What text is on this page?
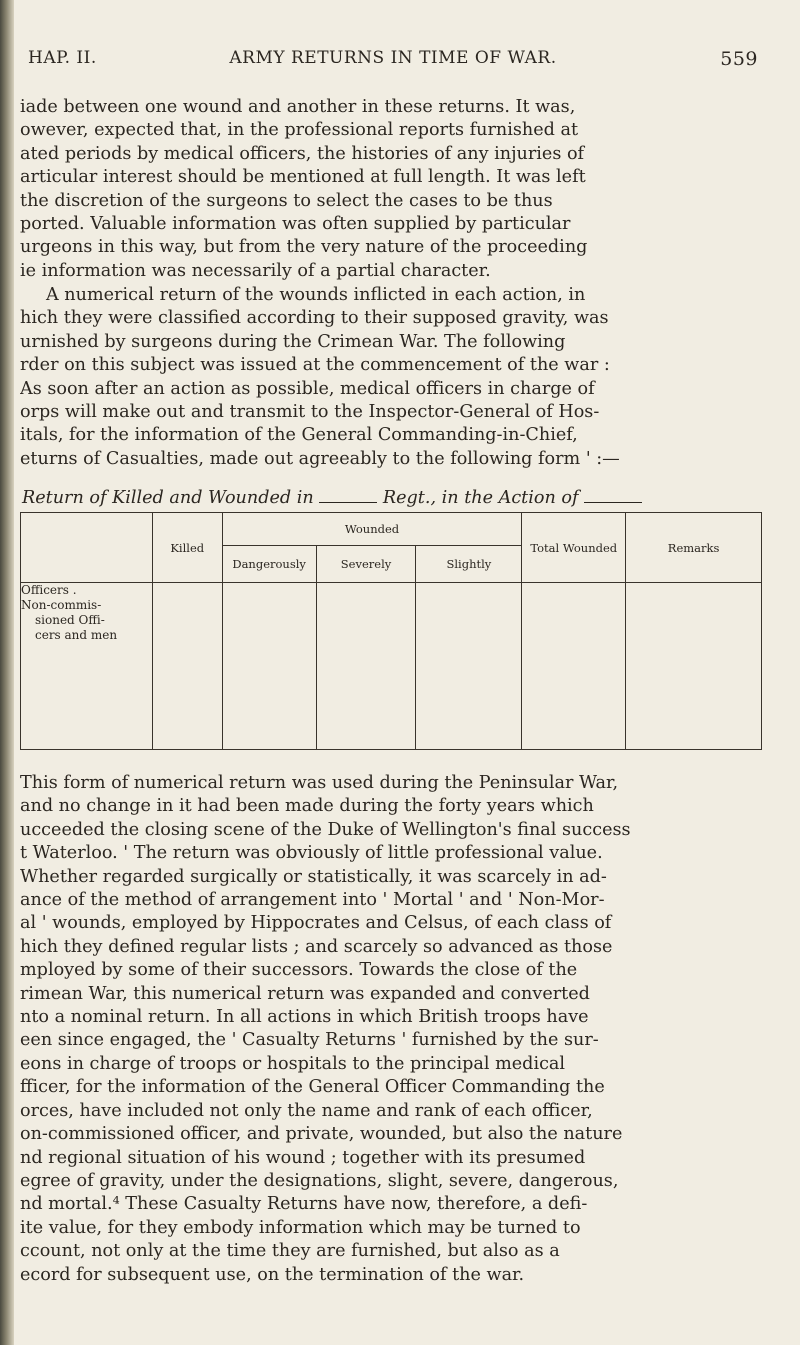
HAP. II.	ARMY RETURNS IN TIME OF WAR.	559
iade between one wound and another in these returns. It was,
owever, expected that, in the professional reports furnished at
ated periods by medical officers, the histories of any injuries of
articular interest should be mentioned at full length. It was left
the discretion of the surgeons to select the cases to be thus
ported. Valuable information was often supplied by particular
urgeons in this way, but from the very nature of the proceeding
ie information was necessarily of a partial character.
A numerical return of the wounds inflicted in each action, in
hich they were classified according to their supposed gravity, was
urnished by surgeons during the Crimean War. The following
rder on this subject was issued at the commencement of the war :
As soon after an action as possible, medical officers in charge of
orps will make out and transmit to the Inspector-General of Hos-
itals, for the information of the General Commanding-in-Chief,
eturns of Casualties, made out agreeably to the following form ' :—
Return of Killed and Wounded in	Regt., in the Action of
	Killed	Wounded			Total Wounded	Remarks
		Dangerously	Severely	Slightly		

Officers .
Non-commis-
sioned Offi-
cers and men						

This form of numerical return was used during the Peninsular War,
and no change in it had been made during the forty years which
ucceeded the closing scene of the Duke of Wellington's final success
t Waterloo. ' The return was obviously of little professional value.
Whether regarded surgically or statistically, it was scarcely in ad-
ance of the method of arrangement into ' Mortal ' and ' Non-Mor-
al ' wounds, employed by Hippocrates and Celsus, of each class of
hich they defined regular lists ; and scarcely so advanced as those
mployed by some of their successors. Towards the close of the
rimean War, this numerical return was expanded and converted
nto a nominal return. In all actions in which British troops have
een since engaged, the ' Casualty Returns ' furnished by the sur-
eons in charge of troops or hospitals to the principal medical
fficer, for the information of the General Officer Commanding the
orces, have included not only the name and rank of each officer,
on-commissioned officer, and private, wounded, but also the nature
nd regional situation of his wound ; together with its presumed
egree of gravity, under the designations, slight, severe, dangerous,
nd mortal.⁴ These Casualty Returns have now, therefore, a defi-
ite value, for they embody information which may be turned to
ccount, not only at the time they are furnished, but also as a
ecord for subsequent use, on the termination of the war.
